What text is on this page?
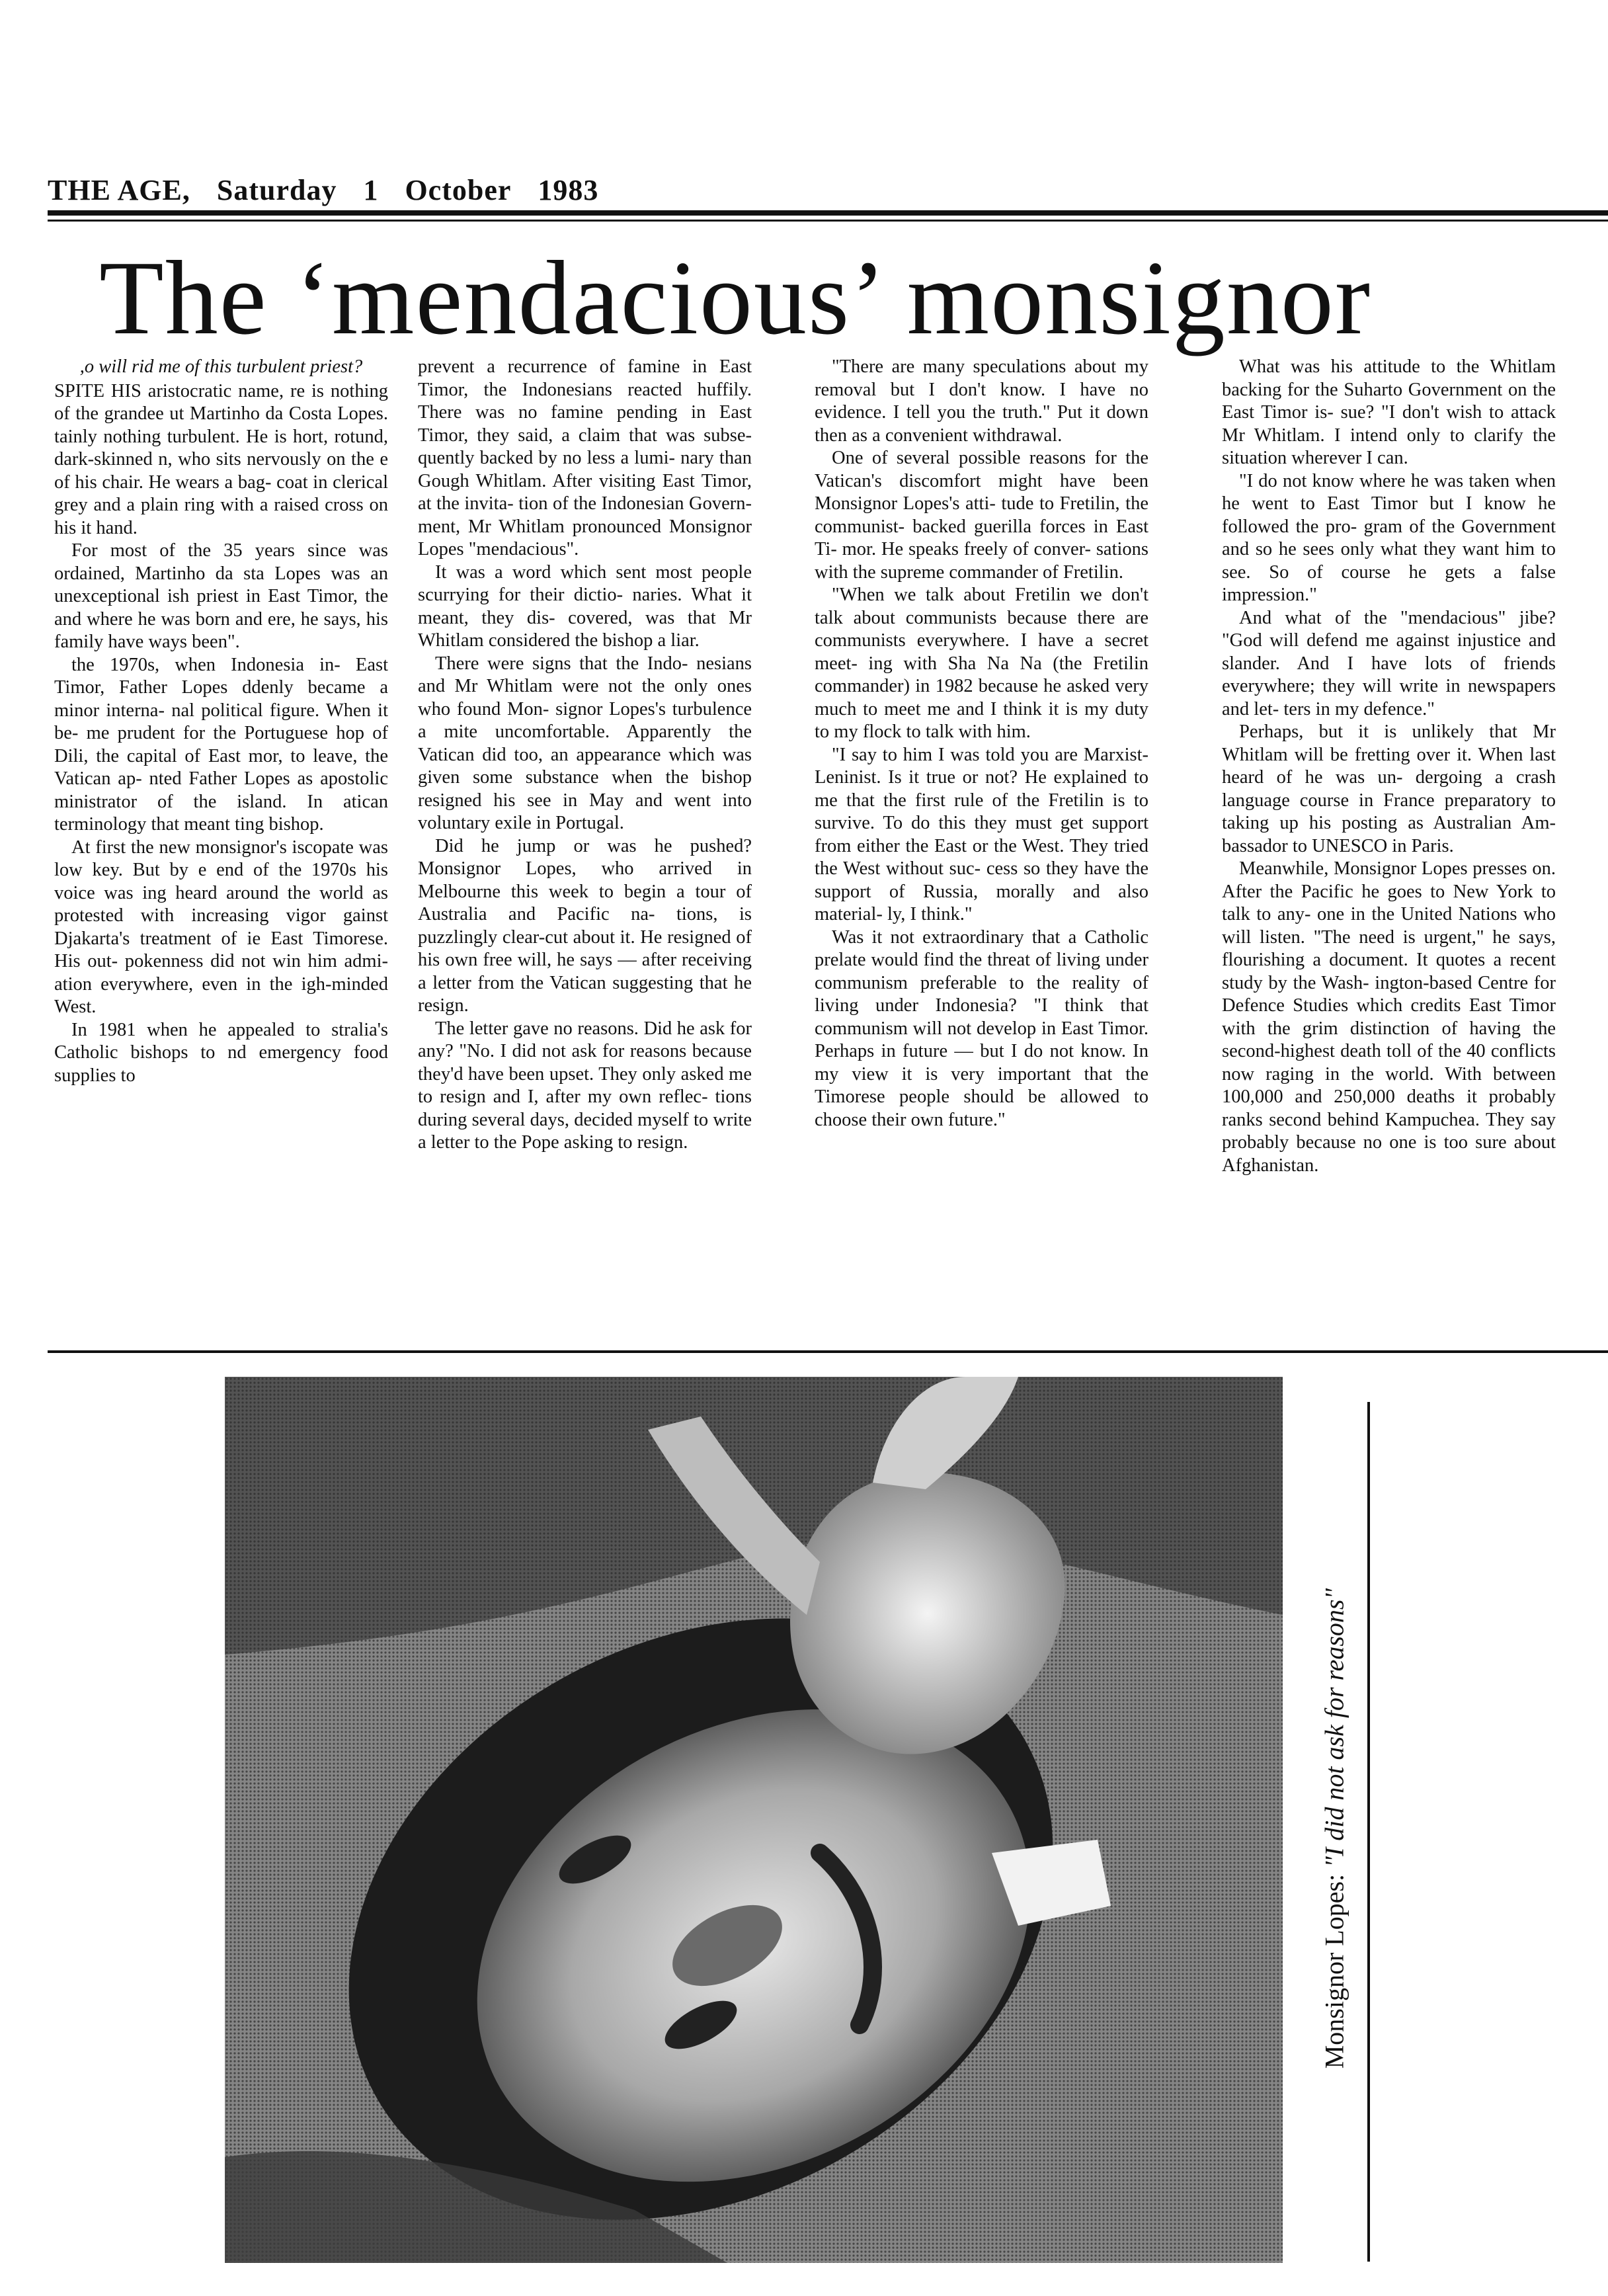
THE AGE, Saturday 1 October 1983
The ‘mendacious’ monsignor

,o will rid me of this turbulent priest?

SPITE HIS aristocratic name, re is nothing of the grandee ut Martinho da Costa Lopes. tainly nothing turbulent. He is hort, rotund, dark-skinned n, who sits nervously on the e of his chair. He wears a bag- coat in clerical grey and a plain ring with a raised cross on his it hand.

For most of the 35 years since was ordained, Martinho da sta Lopes was an unexceptional ish priest in East Timor, the and where he was born and ere, he says, his family have ways been".

the 1970s, when Indonesia in- East Timor, Father Lopes ddenly became a minor interna- nal political figure. When it be- me prudent for the Portuguese hop of Dili, the capital of East mor, to leave, the Vatican ap- nted Father Lopes as apostolic ministrator of the island. In atican terminology that meant ting bishop.

At first the new monsignor's iscopate was low key. But by e end of the 1970s his voice was ing heard around the world as protested with increasing vigor gainst Djakarta's treatment of ie East Timorese. His out- pokenness did not win him admi- ation everywhere, even in the igh-minded West.

In 1981 when he appealed to stralia's Catholic bishops to nd emergency food supplies to

prevent a recurrence of famine in East Timor, the Indonesians reacted huffily. There was no famine pending in East Timor, they said, a claim that was subse- quently backed by no less a lumi- nary than Gough Whitlam. After visiting East Timor, at the invita- tion of the Indonesian Govern- ment, Mr Whitlam pronounced Monsignor Lopes "mendacious".

It was a word which sent most people scurrying for their dictio- naries. What it meant, they dis- covered, was that Mr Whitlam considered the bishop a liar.

There were signs that the Indo- nesians and Mr Whitlam were not the only ones who found Mon- signor Lopes's turbulence a mite uncomfortable. Apparently the Vatican did too, an appearance which was given some substance when the bishop resigned his see in May and went into voluntary exile in Portugal.

Did he jump or was he pushed? Monsignor Lopes, who arrived in Melbourne this week to begin a tour of Australia and Pacific na- tions, is puzzlingly clear-cut about it. He resigned of his own free will, he says — after receiving a letter from the Vatican suggesting that he resign.

The letter gave no reasons. Did he ask for any? "No. I did not ask for reasons because they'd have been upset. They only asked me to resign and I, after my own reflec- tions during several days, decided myself to write a letter to the Pope asking to resign.

"There are many speculations about my removal but I don't know. I have no evidence. I tell you the truth." Put it down then as a convenient withdrawal.

One of several possible reasons for the Vatican's discomfort might have been Monsignor Lopes's atti- tude to Fretilin, the communist- backed guerilla forces in East Ti- mor. He speaks freely of conver- sations with the supreme commander of Fretilin.

"When we talk about Fretilin we don't talk about communists because there are communists everywhere. I have a secret meet- ing with Sha Na Na (the Fretilin commander) in 1982 because he asked very much to meet me and I think it is my duty to my flock to talk with him.

"I say to him I was told you are Marxist-Leninist. Is it true or not? He explained to me that the first rule of the Fretilin is to survive. To do this they must get support from either the East or the West. They tried the West without suc- cess so they have the support of Russia, morally and also material- ly, I think."

Was it not extraordinary that a Catholic prelate would find the threat of living under communism preferable to the reality of living under Indonesia? "I think that communism will not develop in East Timor. Perhaps in future — but I do not know. In my view it is very important that the Timorese people should be allowed to choose their own future."

What was his attitude to the Whitlam backing for the Suharto Government on the East Timor is- sue? "I don't wish to attack Mr Whitlam. I intend only to clarify the situation wherever I can.

"I do not know where he was taken when he went to East Timor but I know he followed the pro- gram of the Government and so he sees only what they want him to see. So of course he gets a false impression."

And what of the "mendacious" jibe? "God will defend me against injustice and slander. And I have lots of friends everywhere; they will write in newspapers and let- ters in my defence."

Perhaps, but it is unlikely that Mr Whitlam will be fretting over it. When last heard of he was un- dergoing a crash language course in France preparatory to taking up his posting as Australian Am- bassador to UNESCO in Paris.

Meanwhile, Monsignor Lopes presses on. After the Pacific he goes to New York to talk to any- one in the United Nations who will listen. "The need is urgent," he says, flourishing a document. It quotes a recent study by the Wash- ington-based Centre for Defence Studies which credits East Timor with the grim distinction of having the second-highest death toll of the 40 conflicts now raging in the world. With between 100,000 and 250,000 deaths it probably ranks second behind Kampuchea. They say probably because no one is too sure about Afghanistan.

Monsignor Lopes: "I did not ask for reasons"
